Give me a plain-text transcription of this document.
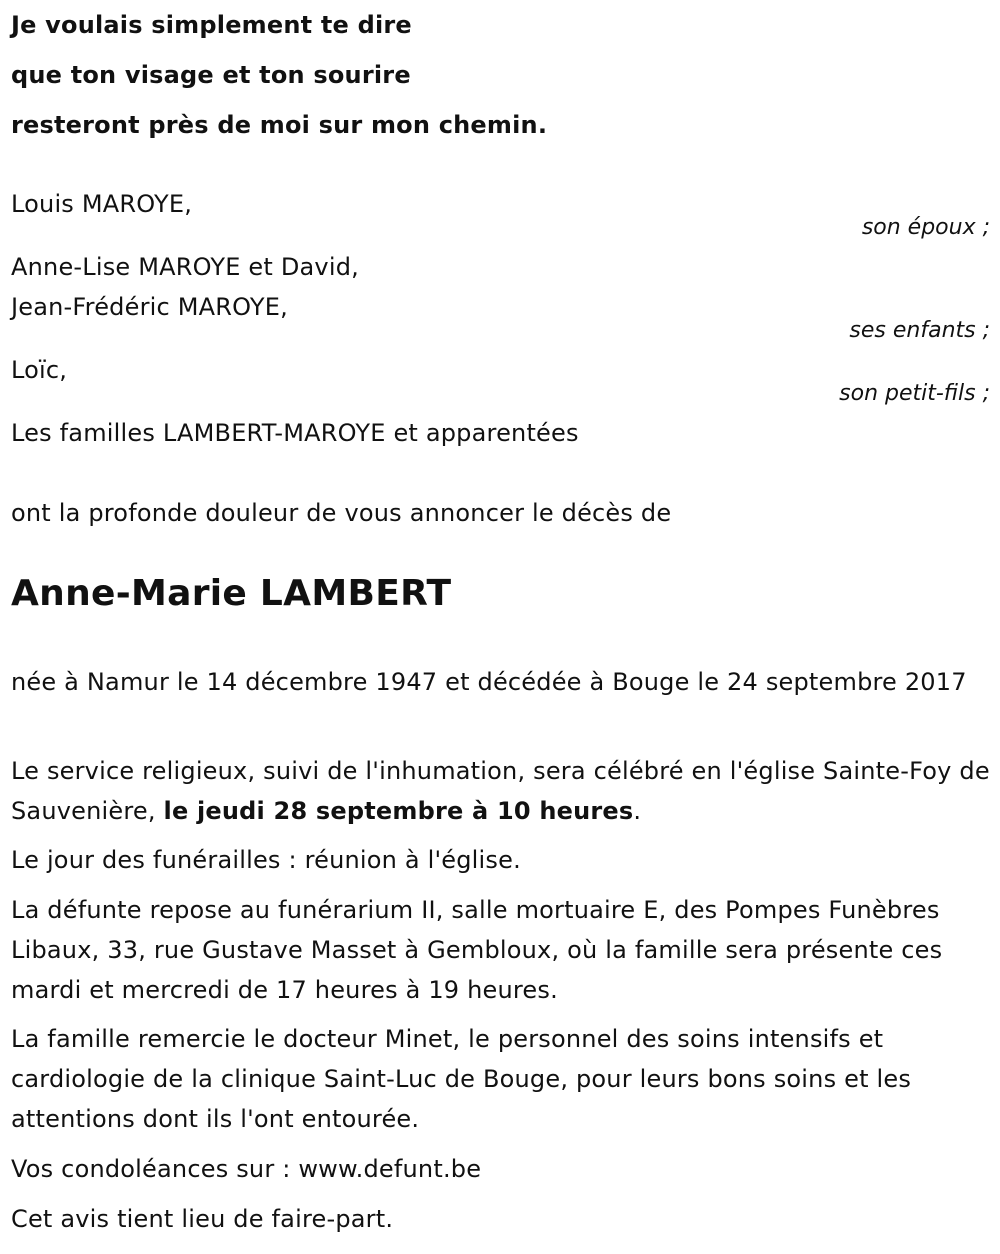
Je voulais simplement te dire
que ton visage et ton sourire
resteront près de moi sur mon chemin.
Louis MAROYE,
son époux ;
Anne-Lise MAROYE et David,
Jean-Frédéric MAROYE,
ses enfants ;
Loïc,
son petit-fils ;
Les familles LAMBERT-MAROYE et apparentées
ont la profonde douleur de vous annoncer le décès de
Anne-Marie LAMBERT
née à Namur le 14 décembre 1947 et décédée à Bouge le 24 septembre 2017
Le service religieux, suivi de l'inhumation, sera célébré en l'église Sainte-Foy de Sauvenière, le jeudi 28 septembre à 10 heures.
Le jour des funérailles : réunion à l'église.
La défunte repose au funérarium II, salle mortuaire E, des Pompes Funèbres Libaux, 33, rue Gustave Masset à Gembloux, où la famille sera présente ces mardi et mercredi de 17 heures à 19 heures.
La famille remercie le docteur Minet, le personnel des soins intensifs et cardiologie de la clinique Saint-Luc de Bouge, pour leurs bons soins et les attentions dont ils l'ont entourée.
Vos condoléances sur : www.defunt.be
Cet avis tient lieu de faire-part.
